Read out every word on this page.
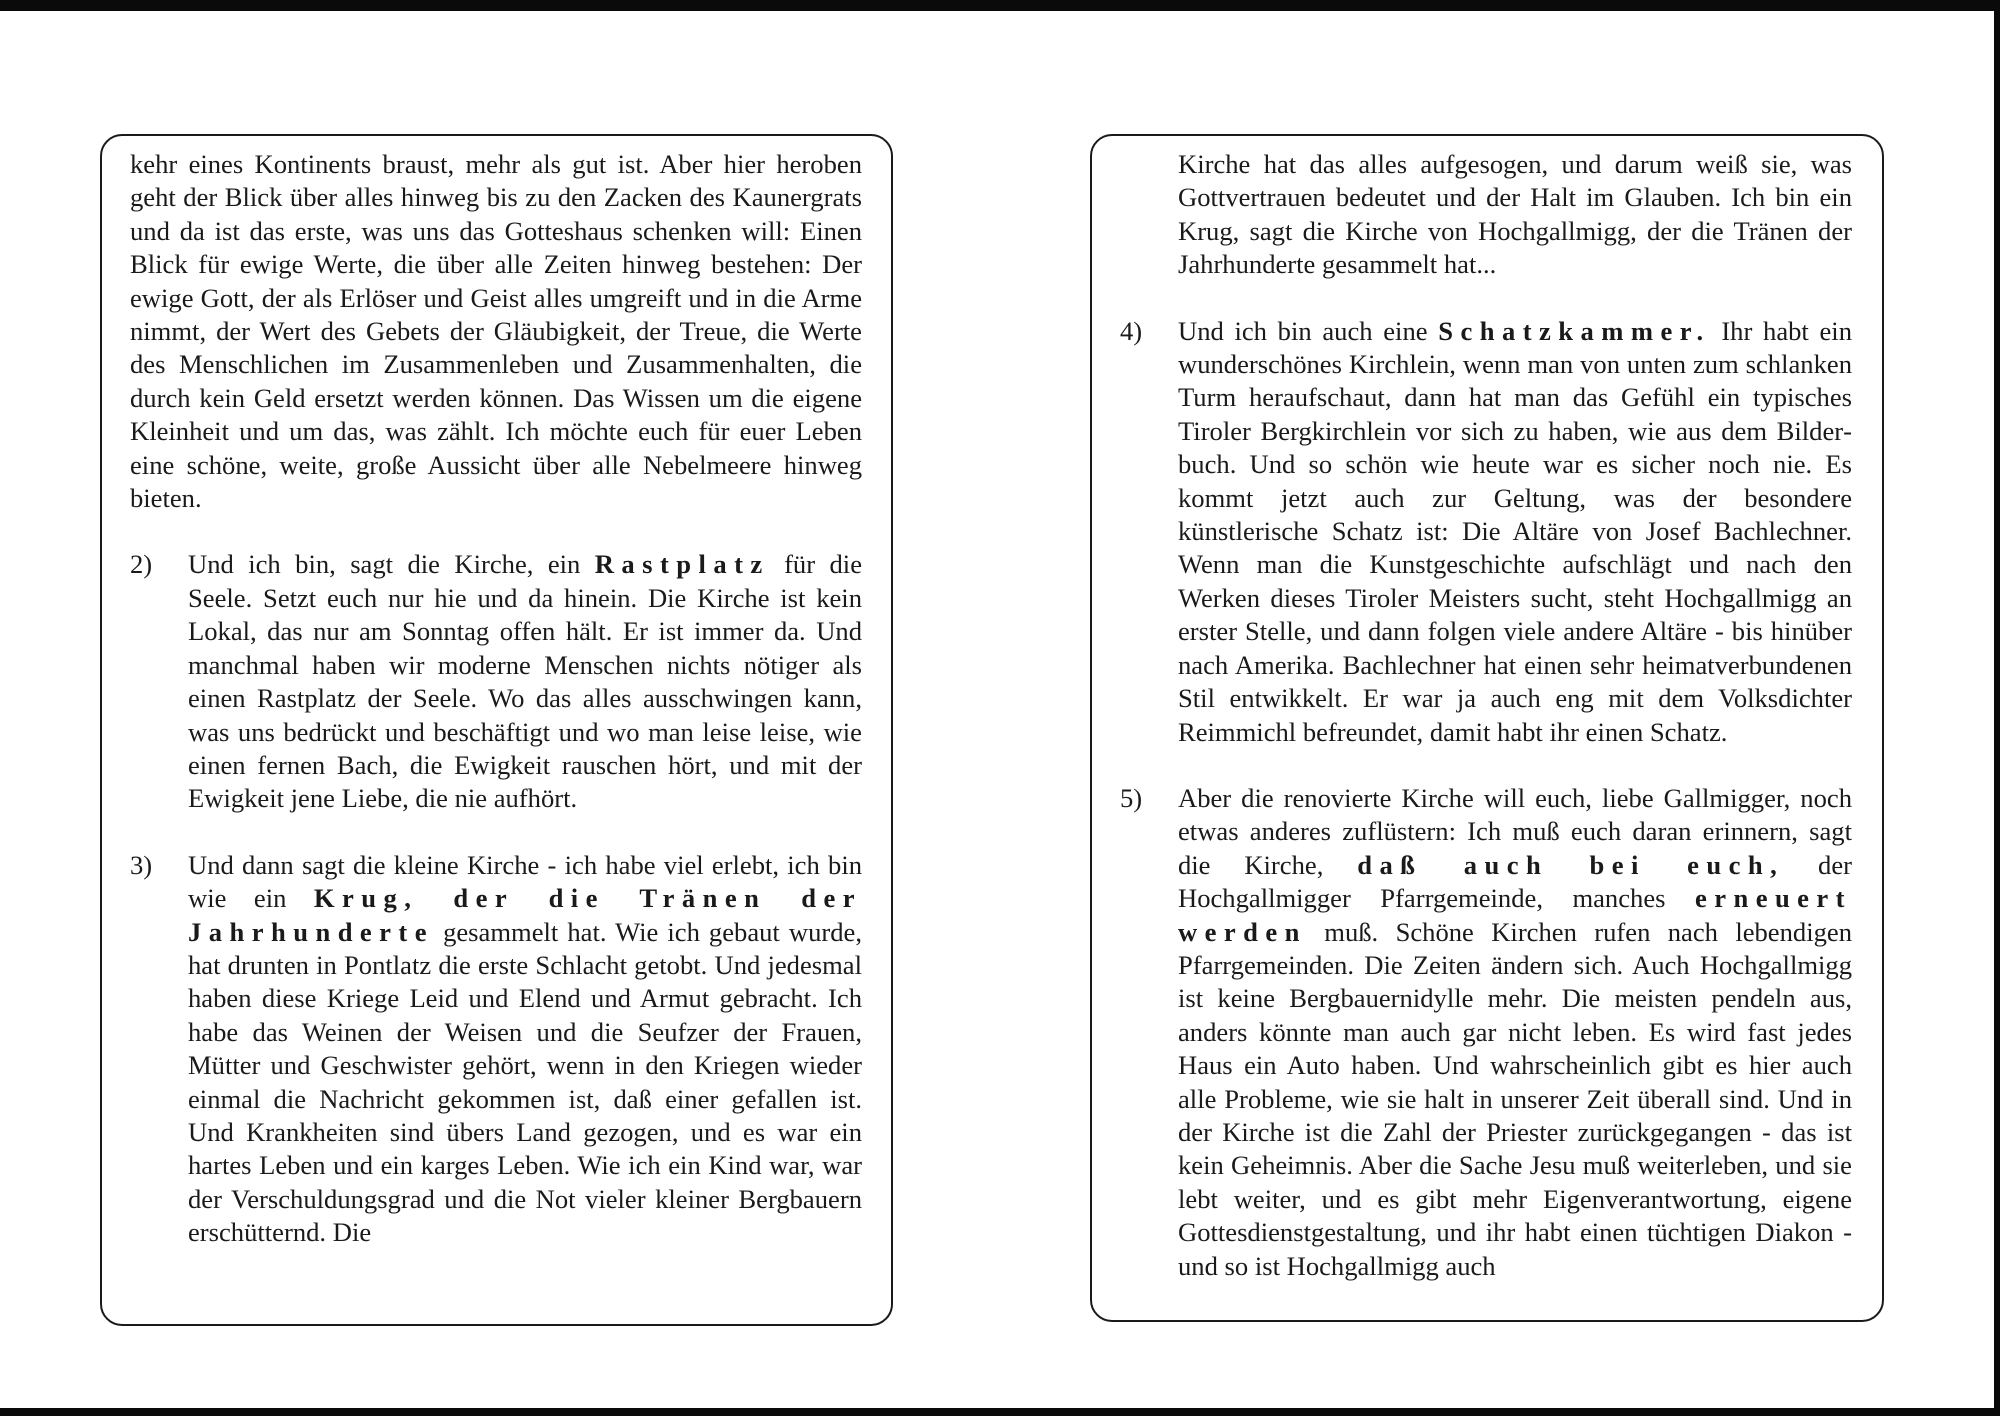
kehr eines Kontinents braust, mehr als gut ist. Aber hier heroben geht der Blick über alles hinweg bis zu den Zacken des Kaunergrats und da ist das erste, was uns das Gotteshaus schenken will: Einen Blick für ewige Werte, die über alle Zeiten hinweg bestehen: Der ewige Gott, der als Erlöser und Geist alles umgreift und in die Arme nimmt, der Wert des Gebets der Gläubigkeit, der Treue, die Werte des Menschlichen im Zusammenleben und Zusammenhalten, die durch kein Geld ersetzt werden können. Das Wissen um die eigene Kleinheit und um das, was zählt. Ich möchte euch für euer Leben eine schöne, weite, große Aussicht über alle Nebelmeere hinweg bieten.

2) Und ich bin, sagt die Kirche, ein Rastplatz für die Seele. Setzt euch nur hie und da hinein. Die Kirche ist kein Lokal, das nur am Sonntag offen hält. Er ist immer da. Und manchmal haben wir moderne Menschen nichts nötiger als einen Rastplatz der Seele. Wo das alles ausschwingen kann, was uns bedrückt und beschäftigt und wo man leise leise, wie einen fernen Bach, die Ewigkeit rauschen hört, und mit der Ewigkeit jene Liebe, die nie aufhört.

3) Und dann sagt die kleine Kirche - ich habe viel erlebt, ich bin wie ein Krug, der die Tränen der Jahrhunderte gesammelt hat. Wie ich gebaut wurde, hat drunten in Pontlatz die erste Schlacht getobt. Und jedesmal haben diese Kriege Leid und Elend und Armut gebracht. Ich habe das Weinen der Weisen und die Seufzer der Frauen, Mütter und Geschwister gehört, wenn in den Kriegen wieder einmal die Nachricht gekommen ist, daß einer gefallen ist. Und Krankheiten sind übers Land gezogen, und es war ein hartes Leben und ein karges Leben. Wie ich ein Kind war, war der Verschuldungsgrad und die Not vieler kleiner Bergbauern erschütternd. Die

Kirche hat das alles aufgesogen, und darum weiß sie, was Gottvertrauen bedeutet und der Halt im Glauben. Ich bin ein Krug, sagt die Kirche von Hochgallmigg, der die Tränen der Jahrhunderte gesammelt hat...

4) Und ich bin auch eine Schatzkammer. Ihr habt ein wunderschönes Kirchlein, wenn man von unten zum schlanken Turm heraufschaut, dann hat man das Gefühl ein typisches Tiroler Bergkirchlein vor sich zu haben, wie aus dem Bilderbuch. Und so schön wie heute war es sicher noch nie. Es kommt jetzt auch zur Geltung, was der besondere künstlerische Schatz ist: Die Altäre von Josef Bachlechner. Wenn man die Kunstgeschichte aufschlägt und nach den Werken dieses Tiroler Meisters sucht, steht Hochgallmigg an erster Stelle, und dann folgen viele andere Altäre - bis hinüber nach Amerika. Bachlechner hat einen sehr heimatverbundenen Stil entwikkelt. Er war ja auch eng mit dem Volksdichter Reimmichl befreundet, damit habt ihr einen Schatz.

5) Aber die renovierte Kirche will euch, liebe Gallmigger, noch etwas anderes zuflüstern: Ich muß euch daran erinnern, sagt die Kirche, daß auch bei euch, der Hochgallmigger Pfarrgemeinde, manches erneuert werden muß. Schöne Kirchen rufen nach lebendigen Pfarrgemeinden. Die Zeiten ändern sich. Auch Hochgallmigg ist keine Bergbauernidylle mehr. Die meisten pendeln aus, anders könnte man auch gar nicht leben. Es wird fast jedes Haus ein Auto haben. Und wahrscheinlich gibt es hier auch alle Probleme, wie sie halt in unserer Zeit überall sind. Und in der Kirche ist die Zahl der Priester zurückgegangen - das ist kein Geheimnis. Aber die Sache Jesu muß weiterleben, und sie lebt weiter, und es gibt mehr Eigenverantwortung, eigene Gottesdienstgestaltung, und ihr habt einen tüchtigen Diakon - und so ist Hochgallmigg auch
